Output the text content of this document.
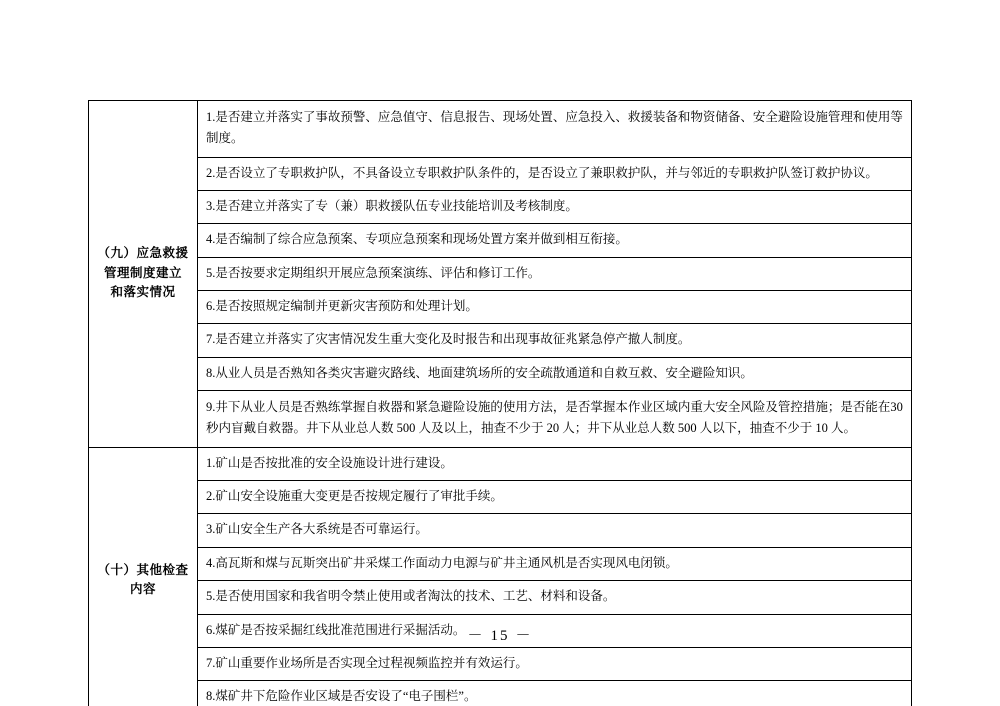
（九）应急救援
管理制度建立
和落实情况	1.是否建立并落实了事故预警、应急值守、信息报告、现场处置、应急投入、救援装备和物资储备、安全避险设施管理和使用等制度。
	2.是否设立了专职救护队，不具备设立专职救护队条件的，是否设立了兼职救护队，并与邻近的专职救护队签订救护协议。
	3.是否建立并落实了专（兼）职救援队伍专业技能培训及考核制度。
	4.是否编制了综合应急预案、专项应急预案和现场处置方案并做到相互衔接。
	5.是否按要求定期组织开展应急预案演练、评估和修订工作。
	6.是否按照规定编制并更新灾害预防和处理计划。
	7.是否建立并落实了灾害情况发生重大变化及时报告和出现事故征兆紧急停产撤人制度。
	8.从业人员是否熟知各类灾害避灾路线、地面建筑场所的安全疏散通道和自救互救、安全避险知识。
	9.井下从业人员是否熟练掌握自救器和紧急避险设施的使用方法，是否掌握本作业区域内重大安全风险及管控措施；是否能在30秒内盲戴自救器。井下从业总人数 500 人及以上，抽查不少于 20 人；井下从业总人数 500 人以下，抽查不少于 10 人。

（十）其他检查
内容	1.矿山是否按批准的安全设施设计进行建设。
	2.矿山安全设施重大变更是否按规定履行了审批手续。
	3.矿山安全生产各大系统是否可靠运行。
	4.高瓦斯和煤与瓦斯突出矿井采煤工作面动力电源与矿井主通风机是否实现风电闭锁。
	5.是否使用国家和我省明令禁止使用或者淘汰的技术、工艺、材料和设备。
	6.煤矿是否按采掘红线批准范围进行采掘活动。
	7.矿山重要作业场所是否实现全过程视频监控并有效运行。
	8.煤矿井下危险作业区域是否安设了“电子围栏”。
－ 15 －
